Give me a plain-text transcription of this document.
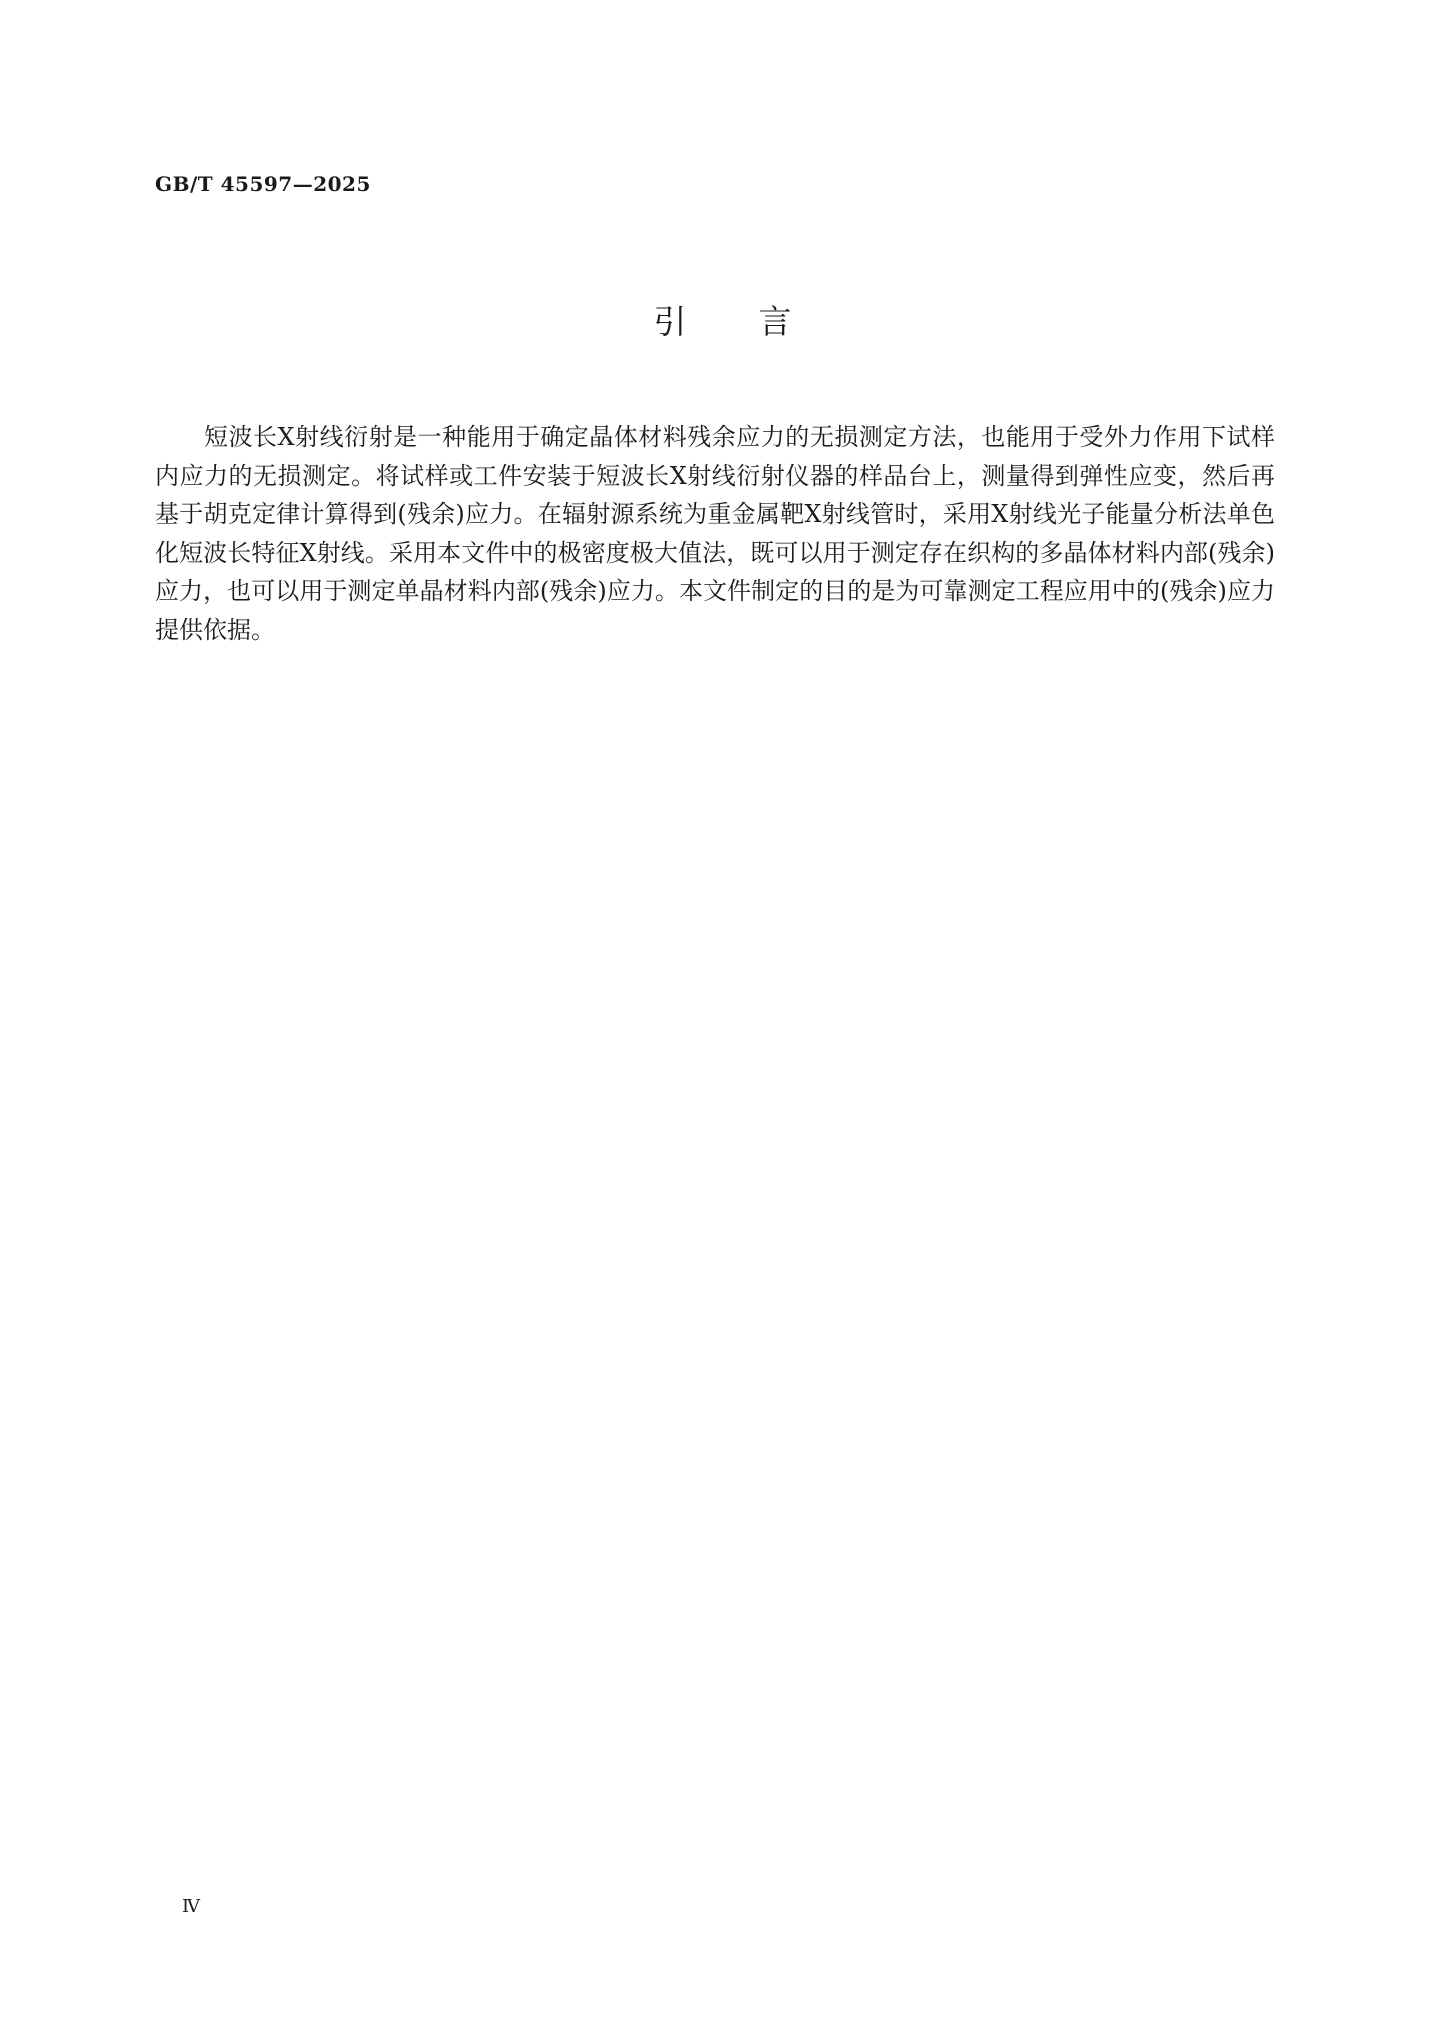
GB/T 45597—2025
引言

短波长X射线衍射是一种能用于确定晶体材料残余应力的无损测定方法，也能用于受外力作用下试样内应力的无损测定。将试样或工件安装于短波长X射线衍射仪器的样品台上，测量得到弹性应变，然后再基于胡克定律计算得到(残余)应力。在辐射源系统为重金属靶X射线管时，采用X射线光子能量分析法单色化短波长特征X射线。采用本文件中的极密度极大值法，既可以用于测定存在织构的多晶体材料内部(残余)应力，也可以用于测定单晶材料内部(残余)应力。本文件制定的目的是为可靠测定工程应用中的(残余)应力提供依据。

Ⅳ
